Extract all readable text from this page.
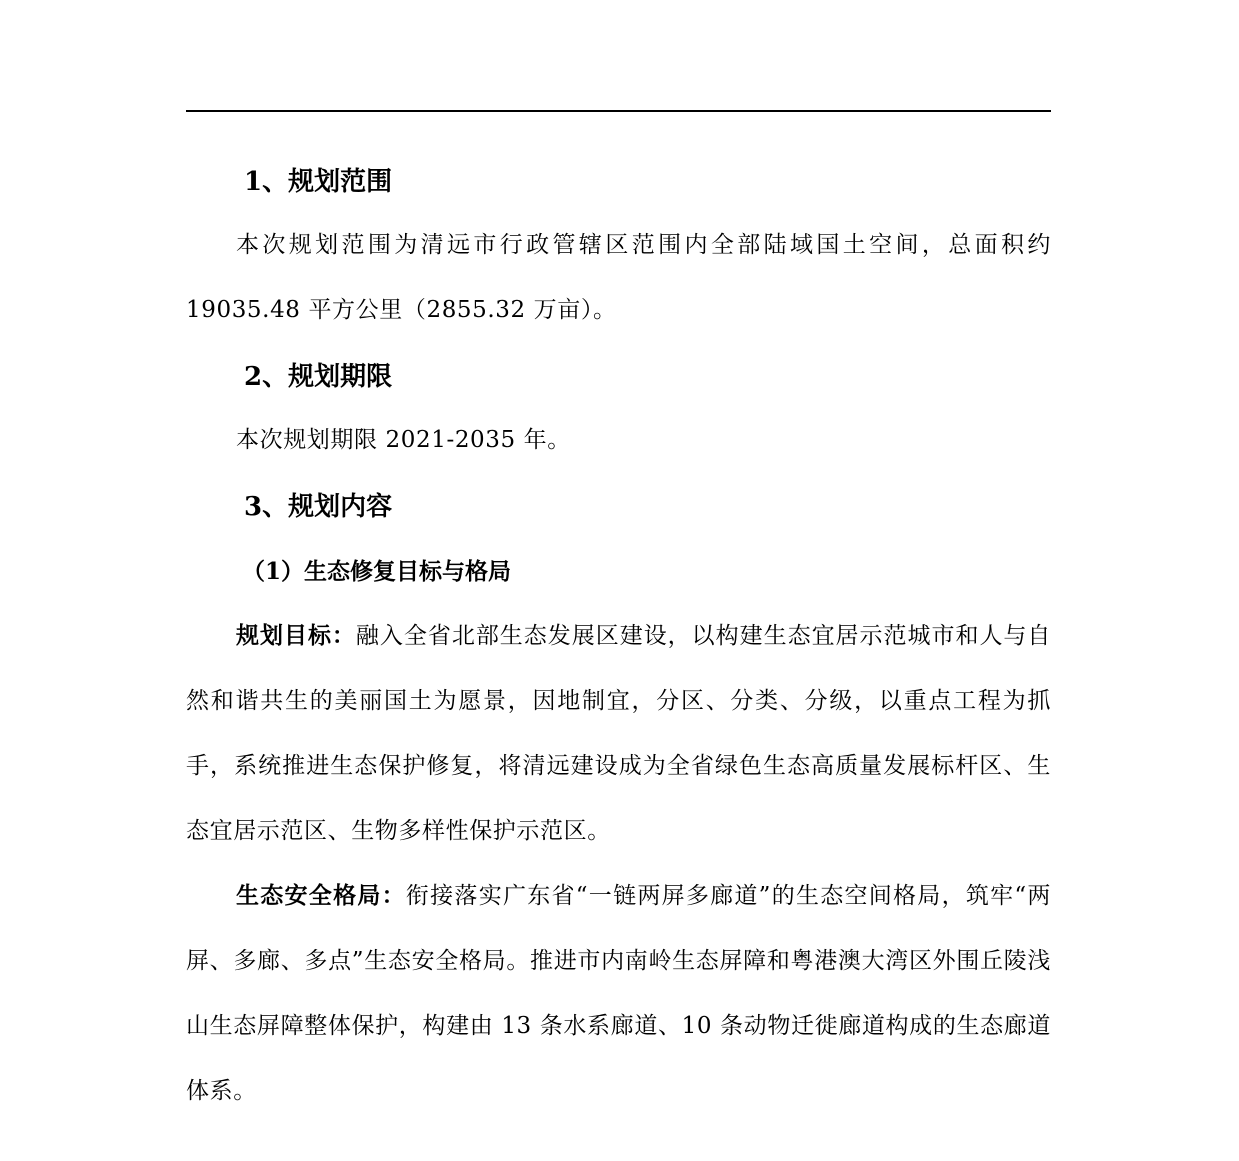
1、规划范围
本次规划范围为清远市行政管辖区范围内全部陆域国土空间，总面积约19035.48 平方公里（2855.32 万亩）。
2、规划期限
本次规划期限 2021-2035 年。
3、规划内容
（1）生态修复目标与格局
规划目标：融入全省北部生态发展区建设，以构建生态宜居示范城市和人与自然和谐共生的美丽国土为愿景，因地制宜，分区、分类、分级，以重点工程为抓手，系统推进生态保护修复，将清远建设成为全省绿色生态高质量发展标杆区、生态宜居示范区、生物多样性保护示范区。
生态安全格局：衔接落实广东省“一链两屏多廊道”的生态空间格局，筑牢“两屏、多廊、多点”生态安全格局。推进市内南岭生态屏障和粤港澳大湾区外围丘陵浅山生态屏障整体保护，构建由 13 条水系廊道、10 条动物迁徙廊道构成的生态廊道体系。
